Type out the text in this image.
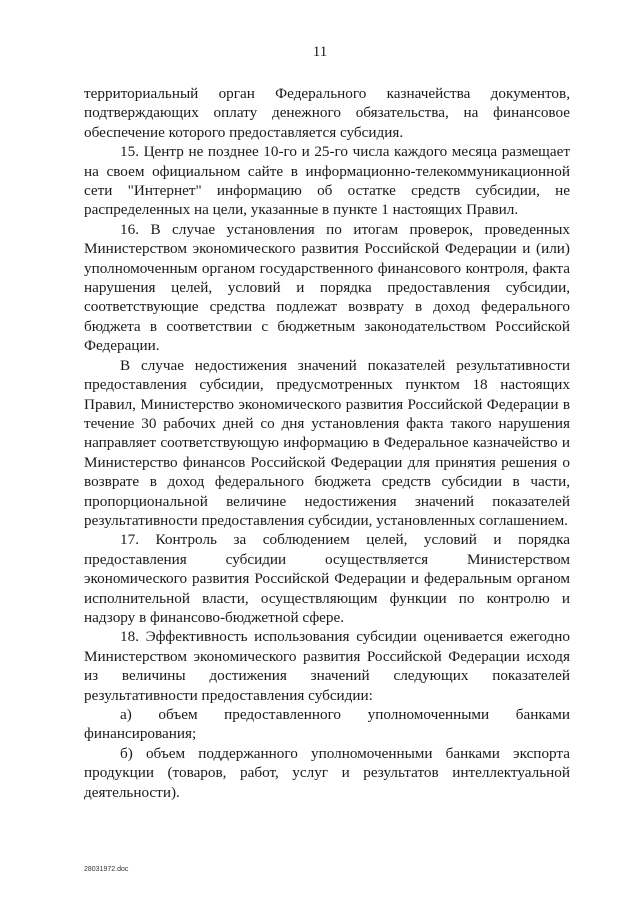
11

территориальный орган Федерального казначейства документов, подтверждающих оплату денежного обязательства, на финансовое обеспечение которого предоставляется субсидия.

15. Центр не позднее 10-го и 25-го числа каждого месяца размещает на своем официальном сайте в информационно-телекоммуникационной сети "Интернет" информацию об остатке средств субсидии, не распределенных на цели, указанные в пункте 1 настоящих Правил.

16. В случае установления по итогам проверок, проведенных Министерством экономического развития Российской Федерации и (или) уполномоченным органом государственного финансового контроля, факта нарушения целей, условий и порядка предоставления субсидии, соответствующие средства подлежат возврату в доход федерального бюджета в соответствии с бюджетным законодательством Российской Федерации.

В случае недостижения значений показателей результативности предоставления субсидии, предусмотренных пунктом 18 настоящих Правил, Министерство экономического развития Российской Федерации в течение 30 рабочих дней со дня установления факта такого нарушения направляет соответствующую информацию в Федеральное казначейство и Министерство финансов Российской Федерации для принятия решения о возврате в доход федерального бюджета средств субсидии в части, пропорциональной величине недостижения значений показателей результативности предоставления субсидии, установленных соглашением.

17. Контроль за соблюдением целей, условий и порядка предоставления субсидии осуществляется Министерством экономического развития Российской Федерации и федеральным органом исполнительной власти, осуществляющим функции по контролю и надзору в финансово-бюджетной сфере.

18. Эффективность использования субсидии оценивается ежегодно Министерством экономического развития Российской Федерации исходя из величины достижения значений следующих показателей результативности предоставления субсидии:

а) объем предоставленного уполномоченными банками финансирования;

б) объем поддержанного уполномоченными банками экспорта продукции (товаров, работ, услуг и результатов интеллектуальной деятельности).

28031972.doc
